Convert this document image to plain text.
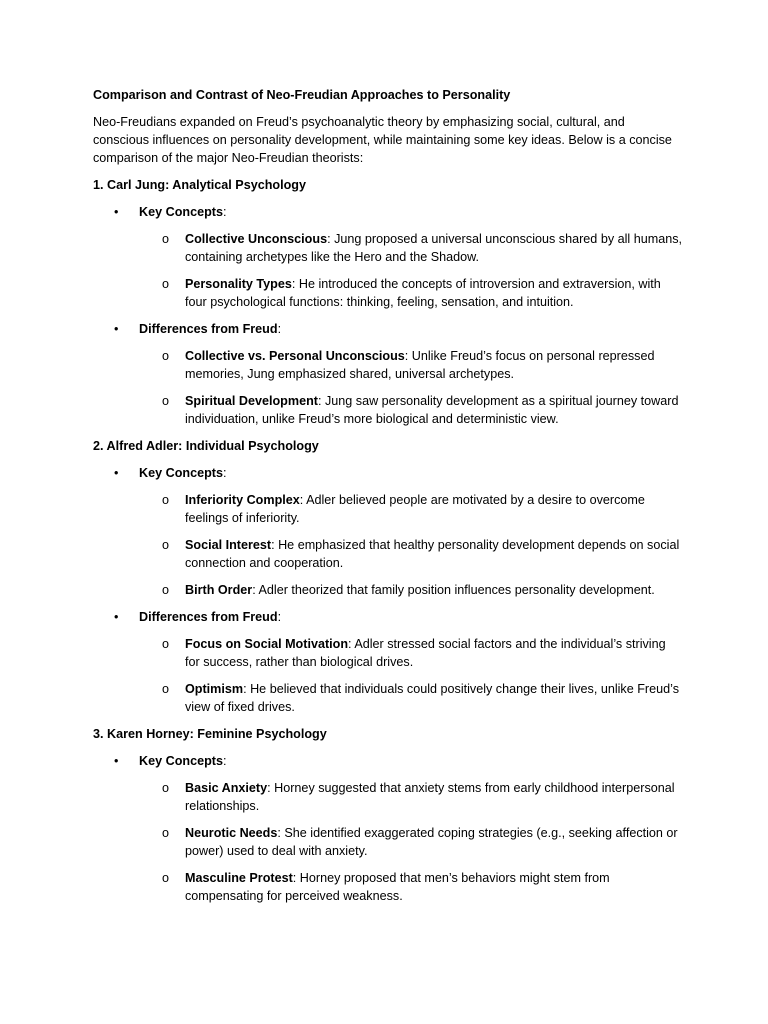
Comparison and Contrast of Neo-Freudian Approaches to Personality
Neo-Freudians expanded on Freud’s psychoanalytic theory by emphasizing social, cultural, and conscious influences on personality development, while maintaining some key ideas. Below is a concise comparison of the major Neo-Freudian theorists:
1. Carl Jung: Analytical Psychology
•	Key Concepts:
o	Collective Unconscious: Jung proposed a universal unconscious shared by all humans, containing archetypes like the Hero and the Shadow.
o	Personality Types: He introduced the concepts of introversion and extraversion, with four psychological functions: thinking, feeling, sensation, and intuition.
•	Differences from Freud:
o	Collective vs. Personal Unconscious: Unlike Freud’s focus on personal repressed memories, Jung emphasized shared, universal archetypes.
o	Spiritual Development: Jung saw personality development as a spiritual journey toward individuation, unlike Freud’s more biological and deterministic view.
2. Alfred Adler: Individual Psychology
•	Key Concepts:
o	Inferiority Complex: Adler believed people are motivated by a desire to overcome feelings of inferiority.
o	Social Interest: He emphasized that healthy personality development depends on social connection and cooperation.
o	Birth Order: Adler theorized that family position influences personality development.
•	Differences from Freud:
o	Focus on Social Motivation: Adler stressed social factors and the individual’s striving for success, rather than biological drives.
o	Optimism: He believed that individuals could positively change their lives, unlike Freud’s view of fixed drives.
3. Karen Horney: Feminine Psychology
•	Key Concepts:
o	Basic Anxiety: Horney suggested that anxiety stems from early childhood interpersonal relationships.
o	Neurotic Needs: She identified exaggerated coping strategies (e.g., seeking affection or power) used to deal with anxiety.
o	Masculine Protest: Horney proposed that men’s behaviors might stem from compensating for perceived weakness.
